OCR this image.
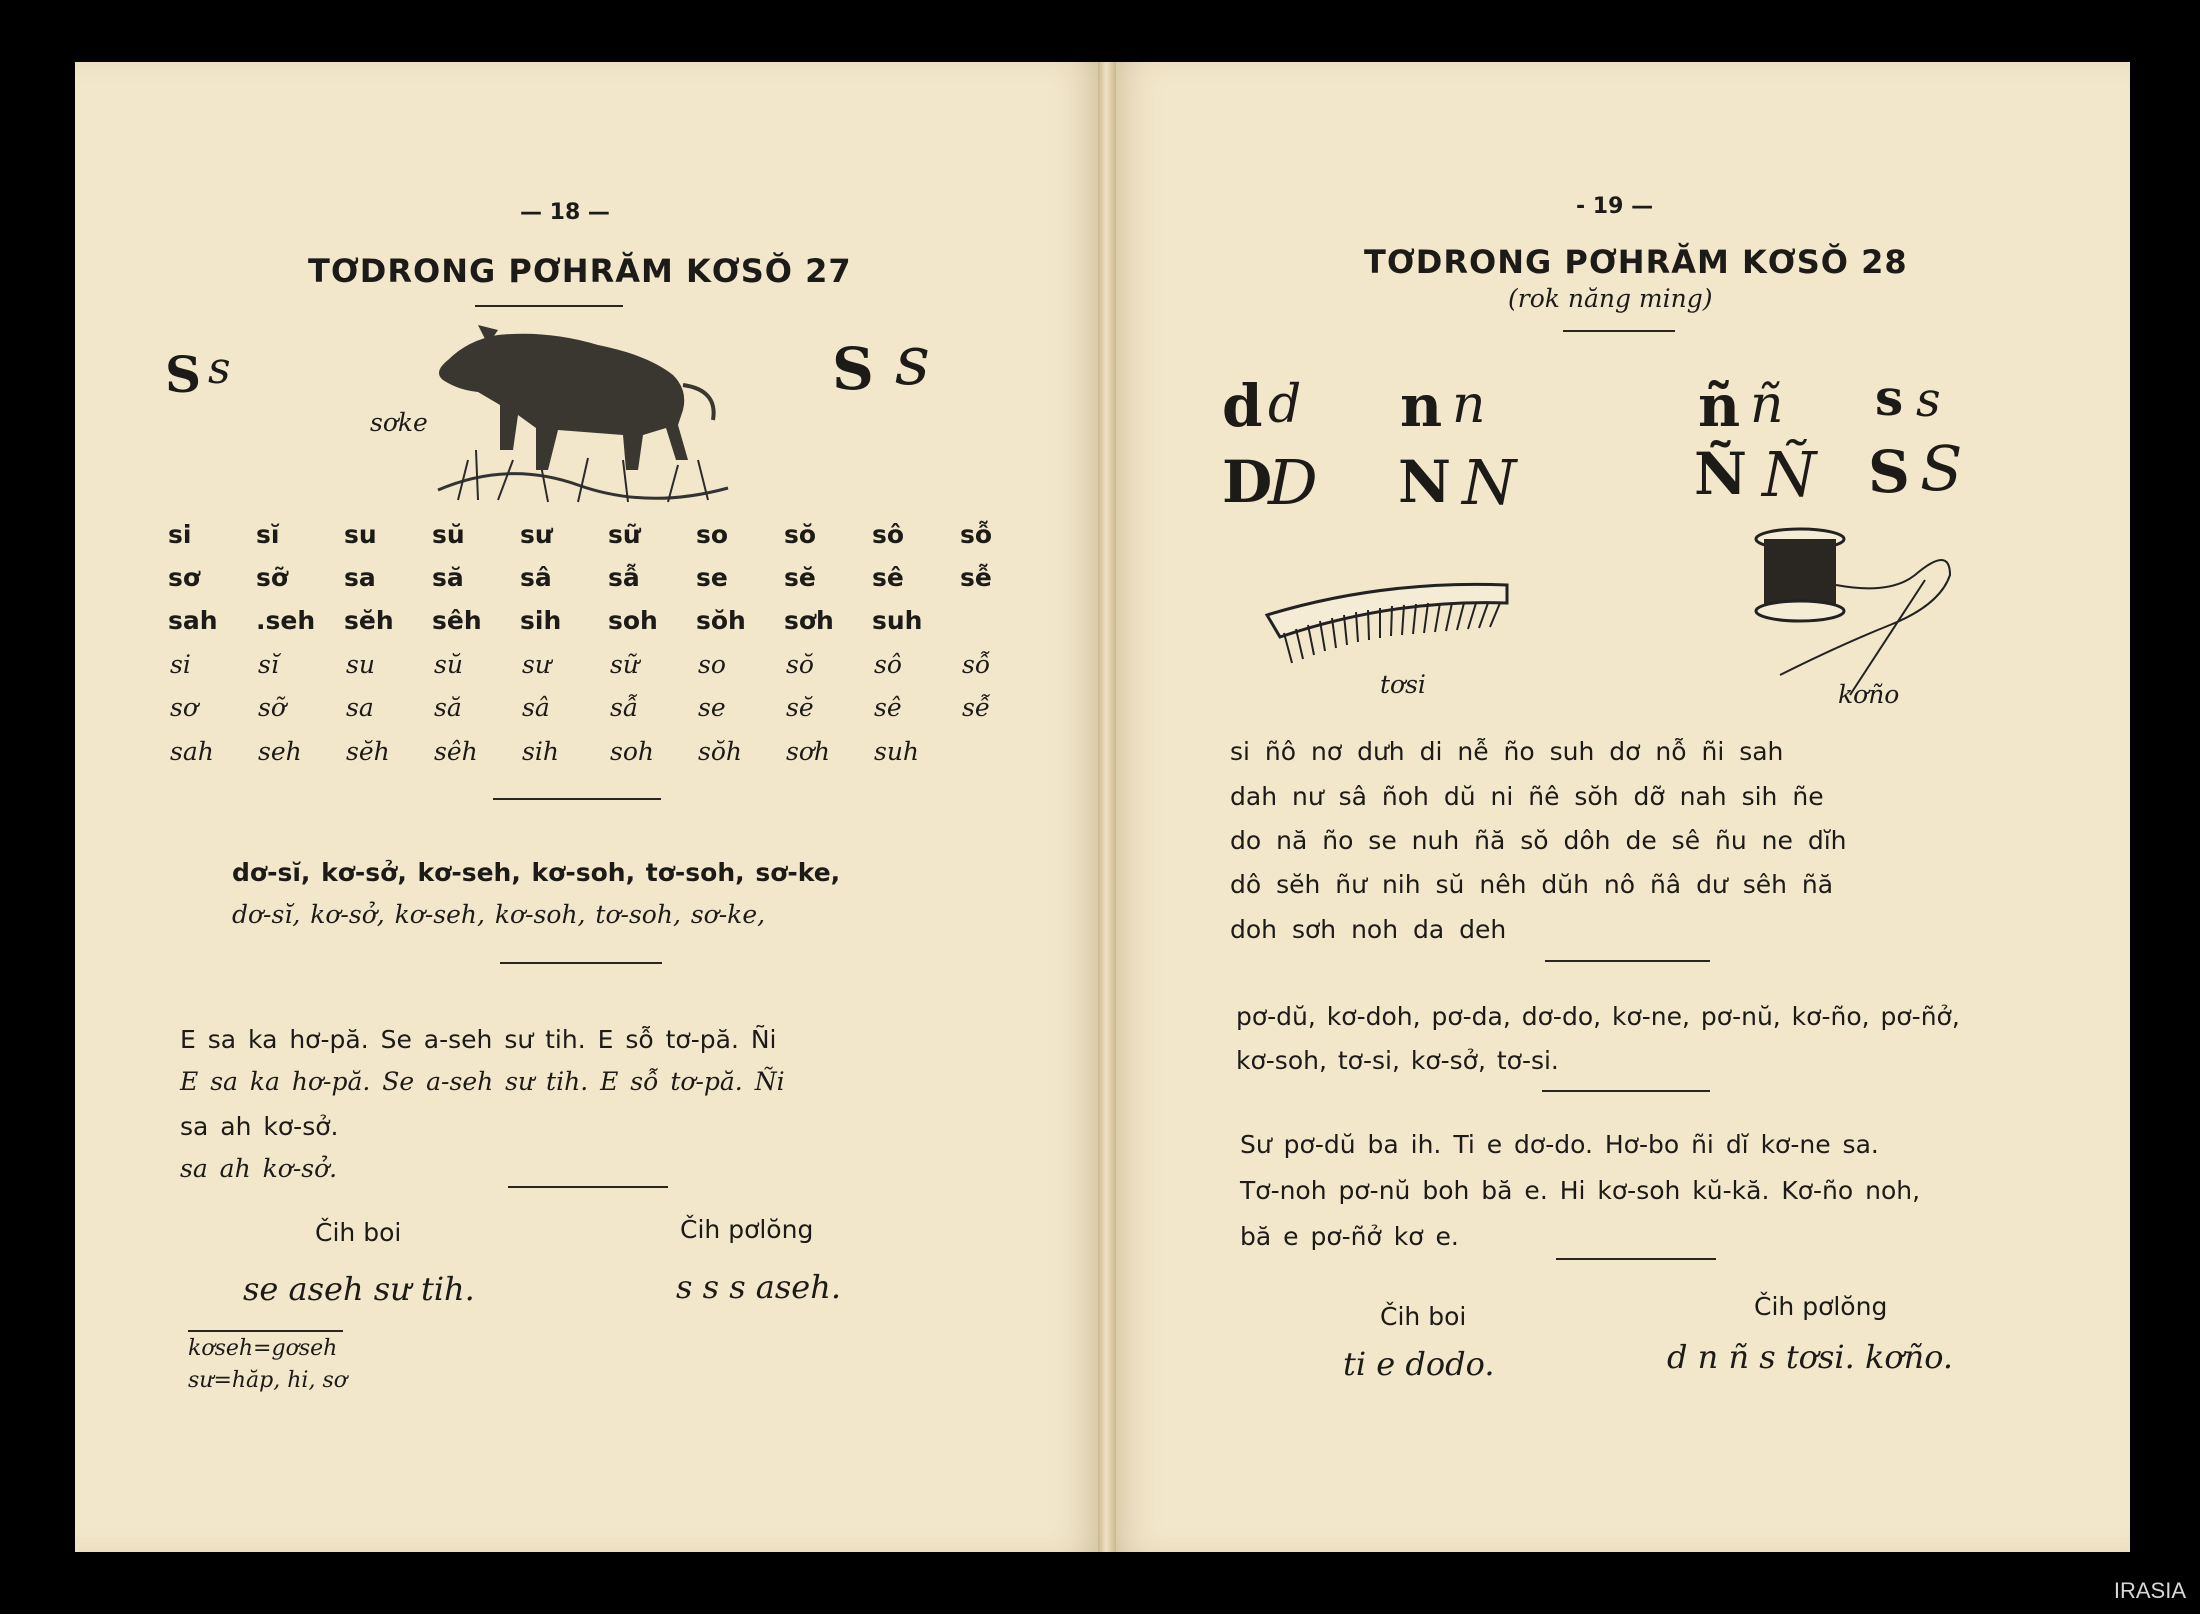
— 18 —
TƠDRONG PƠHRĂM KƠSŎ 27
S s	S s
sơke
si	sĭ	su	sŭ	sư	sữ	so	sŏ	sô	sỗ
sơ	sỡ	sa	să	sâ	sẫ	se	sĕ	sê	sễ
sah	.seh	sĕh	sêh	sih	soh	sŏh	sơh	suh
si	sĭ	su	sŭ	sư	sữ	so	sŏ	sô	sỗ
sơ	sỡ	sa	să	sâ	sẫ	se	sĕ	sê	sễ
sah	seh	sĕh	sêh	sih	soh	sŏh	sơh	suh
dơ-sĭ, kơ-sở, kơ-seh, kơ-soh, tơ-soh, sơ-ke,
dơ-sĭ, kơ-sở, kơ-seh, kơ-soh, tơ-soh, sơ-ke,
E sa ka hơ-pă. Se a-seh sư tih. E sỗ tơ-pă. Ñi
E sa ka hơ-pă. Se a-seh sư tih. E sỗ tơ-pă. Ñi
sa ah kơ-sở.
sa ah kơ-sở.
Čih boi	Čih pơlŏng
se aseh sư tih.	s s s aseh.
kơseh=gơseh
sư=hăp, hi, sơ
- 19 —
TƠDRONG PƠHRĂM KƠSŎ 28
(rok năng ming)
d d n n	ñ ñ s s
D
D N N	Ñ Ñ S S
tơsi	kơño
si ñô nơ dưh di nễ ño suh dơ nỗ ñi sah
dah nư sâ ñoh dŭ ni ñê sŏh dỡ nah sih ñe
do nă ño se nuh ñă sŏ dôh de sê ñu ne dĭh
dô sĕh ñư nih sŭ nêh dŭh nô ñâ dư sêh ñă
doh sơh noh da deh
pơ-dŭ, kơ-doh, pơ-da, dơ-do, kơ-ne, pơ-nŭ, kơ-ño, pơ-ñở,
kơ-soh, tơ-si, kơ-sở, tơ-si.
Sư pơ-dŭ ba ih. Ti e dơ-do. Hơ-bo ñi dĭ kơ-ne sa.
Tơ-noh pơ-nŭ boh bă e. Hi kơ-soh kŭ-kă. Kơ-ño noh,
bă e pơ-ñở kơ e.
Čih boi	Čih pơlŏng
ti e dodo.	d n ñ s tơsi. kơño.
IRASIA
